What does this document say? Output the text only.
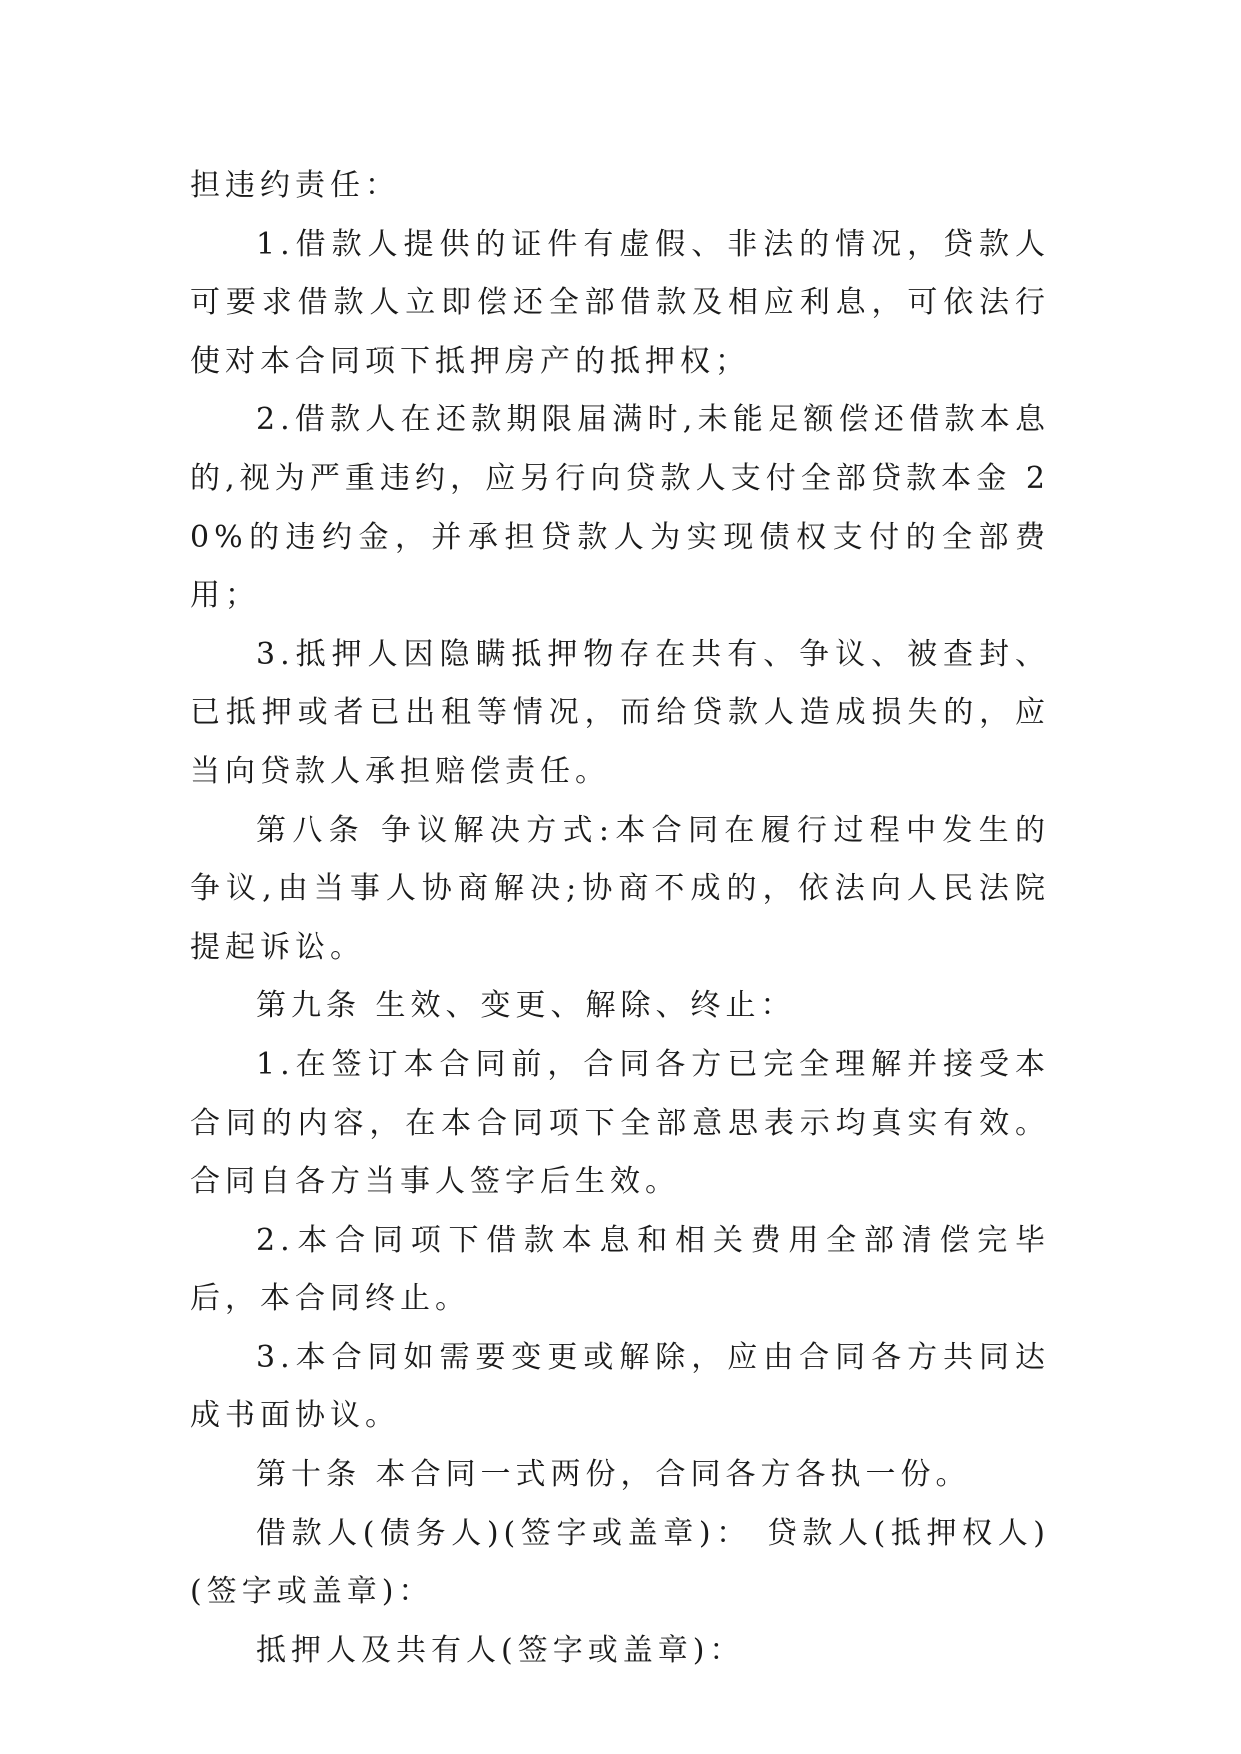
担违约责任：

1.借款人提供的证件有虚假、非法的情况，贷款人可要求借款人立即偿还全部借款及相应利息，可依法行使对本合同项下抵押房产的抵押权；

2.借款人在还款期限届满时,未能足额偿还借款本息的,视为严重违约，应另行向贷款人支付全部贷款本金 20%的违约金，并承担贷款人为实现债权支付的全部费用；

3.抵押人因隐瞒抵押物存在共有、争议、被查封、已抵押或者已出租等情况，而给贷款人造成损失的，应当向贷款人承担赔偿责任。

第八条 争议解决方式:本合同在履行过程中发生的争议,由当事人协商解决;协商不成的，依法向人民法院提起诉讼。

第九条 生效、变更、解除、终止：

1.在签订本合同前，合同各方已完全理解并接受本合同的内容，在本合同项下全部意思表示均真实有效。合同自各方当事人签字后生效。

2.本合同项下借款本息和相关费用全部清偿完毕后，本合同终止。

3.本合同如需要变更或解除，应由合同各方共同达成书面协议。

第十条 本合同一式两份，合同各方各执一份。

借款人(债务人)(签字或盖章)： 贷款人(抵押权人)(签字或盖章)：

抵押人及共有人(签字或盖章)：
